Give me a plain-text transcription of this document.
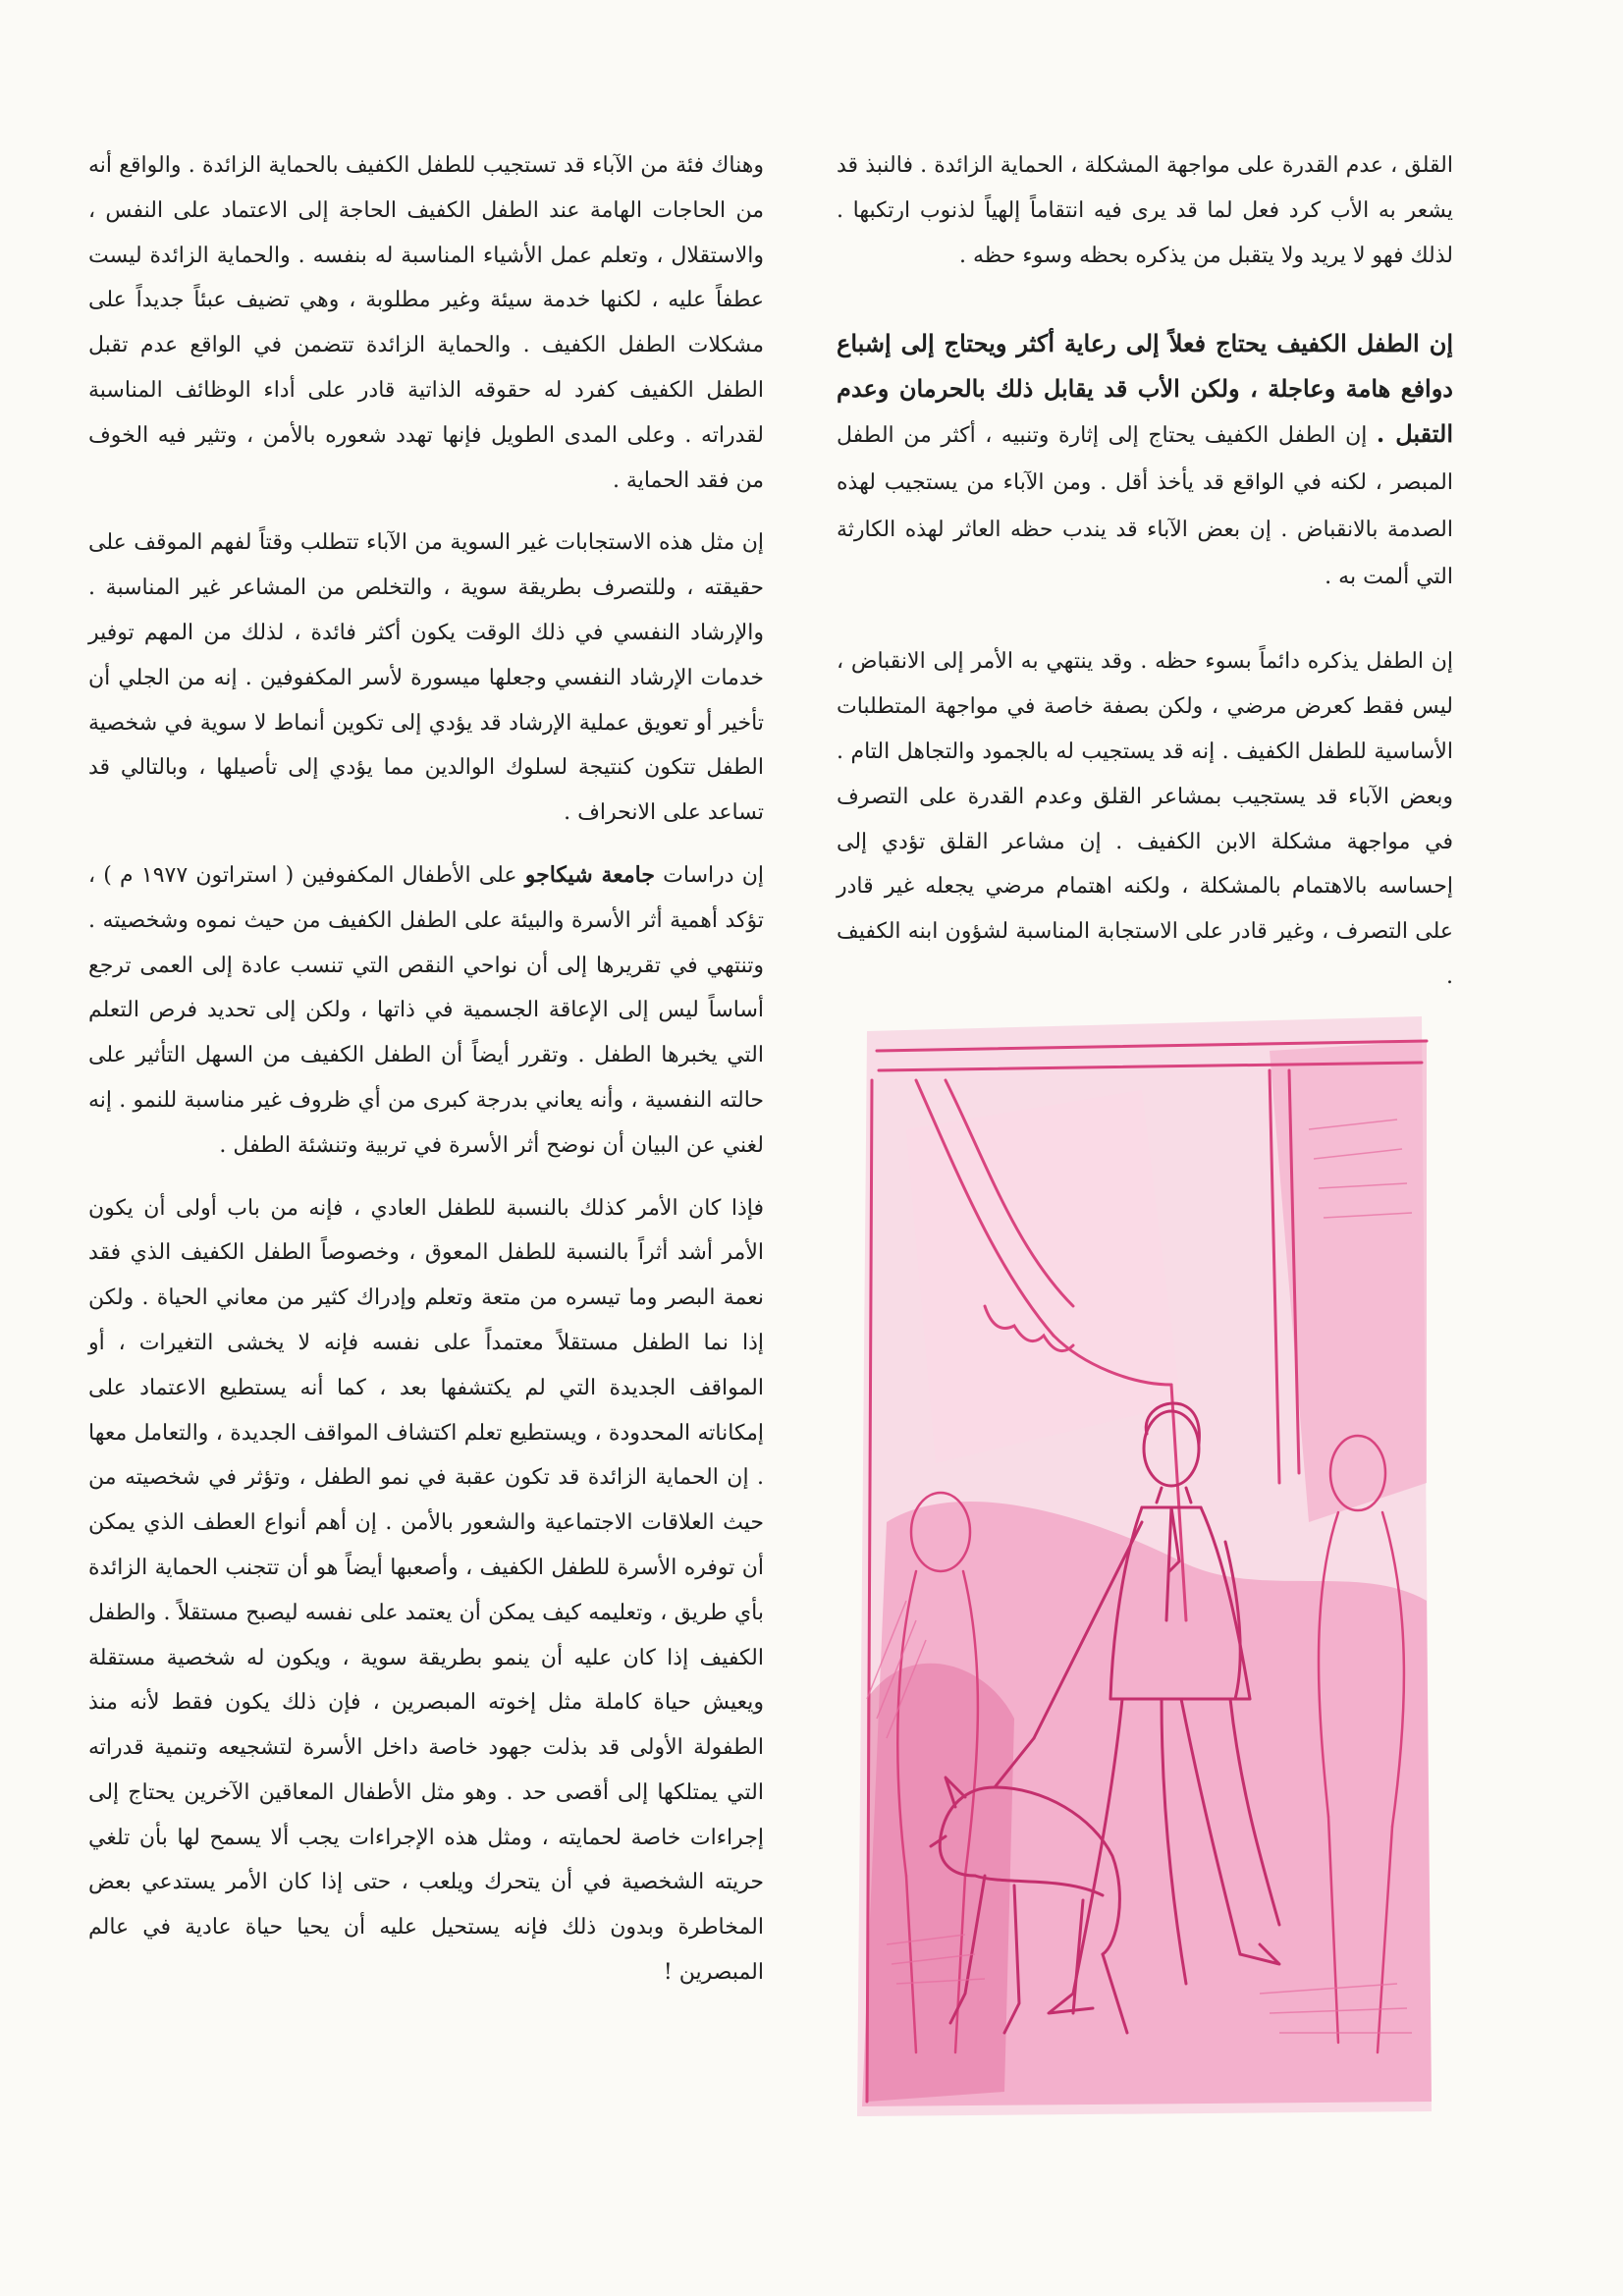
القلق ، عدم القدرة على مواجهة المشكلة ، الحماية الزائدة . فالنبذ قد يشعر به الأب كرد فعل لما قد يرى فيه انتقاماً إلهياً لذنوب ارتكبها . لذلك فهو لا يريد ولا يتقبل من يذكره بحظه وسوء حظه .

إن الطفل الكفيف يحتاج فعلاً إلى رعاية أكثر ويحتاج إلى إشباع دوافع هامة وعاجلة ، ولكن الأب قد يقابل ذلك بالحرمان وعدم التقبل . إن الطفل الكفيف يحتاج إلى إثارة وتنبيه ، أكثر من الطفل المبصر ، لكنه في الواقع قد يأخذ أقل . ومن الآباء من يستجيب لهذه الصدمة بالانقباض . إن بعض الآباء قد يندب حظه العاثر لهذه الكارثة التي ألمت به .

إن الطفل يذكره دائماً بسوء حظه . وقد ينتهي به الأمر إلى الانقباض ، ليس فقط كعرض مرضي ، ولكن بصفة خاصة في مواجهة المتطلبات الأساسية للطفل الكفيف . إنه قد يستجيب له بالجمود والتجاهل التام . وبعض الآباء قد يستجيب بمشاعر القلق وعدم القدرة على التصرف في مواجهة مشكلة الابن الكفيف . إن مشاعر القلق تؤدي إلى إحساسه بالاهتمام بالمشكلة ، ولكنه اهتمام مرضي يجعله غير قادر على التصرف ، وغير قادر على الاستجابة المناسبة لشؤون ابنه الكفيف .

وهناك فئة من الآباء قد تستجيب للطفل الكفيف بالحماية الزائدة . والواقع أنه من الحاجات الهامة عند الطفل الكفيف الحاجة إلى الاعتماد على النفس ، والاستقلال ، وتعلم عمل الأشياء المناسبة له بنفسه . والحماية الزائدة ليست عطفاً عليه ، لكنها خدمة سيئة وغير مطلوبة ، وهي تضيف عبئاً جديداً على مشكلات الطفل الكفيف . والحماية الزائدة تتضمن في الواقع عدم تقبل الطفل الكفيف كفرد له حقوقه الذاتية قادر على أداء الوظائف المناسبة لقدراته . وعلى المدى الطويل فإنها تهدد شعوره بالأمن ، وتثير فيه الخوف من فقد الحماية .

إن مثل هذه الاستجابات غير السوية من الآباء تتطلب وقتاً لفهم الموقف على حقيقته ، وللتصرف بطريقة سوية ، والتخلص من المشاعر غير المناسبة . والإرشاد النفسي في ذلك الوقت يكون أكثر فائدة ، لذلك من المهم توفير خدمات الإرشاد النفسي وجعلها ميسورة لأسر المكفوفين . إنه من الجلي أن تأخير أو تعويق عملية الإرشاد قد يؤدي إلى تكوين أنماط لا سوية في شخصية الطفل تتكون كنتيجة لسلوك الوالدين مما يؤدي إلى تأصيلها ، وبالتالي قد تساعد على الانحراف .

إن دراسات جامعة شيكاجو على الأطفال المكفوفين ( استراتون ١٩٧٧ م ) ، تؤكد أهمية أثر الأسرة والبيئة على الطفل الكفيف من حيث نموه وشخصيته . وتنتهي في تقريرها إلى أن نواحي النقص التي تنسب عادة إلى العمى ترجع أساساً ليس إلى الإعاقة الجسمية في ذاتها ، ولكن إلى تحديد فرص التعلم التي يخبرها الطفل . وتقرر أيضاً أن الطفل الكفيف من السهل التأثير على حالته النفسية ، وأنه يعاني بدرجة كبرى من أي ظروف غير مناسبة للنمو . إنه لغني عن البيان أن نوضح أثر الأسرة في تربية وتنشئة الطفل .

فإذا كان الأمر كذلك بالنسبة للطفل العادي ، فإنه من باب أولى أن يكون الأمر أشد أثراً بالنسبة للطفل المعوق ، وخصوصاً الطفل الكفيف الذي فقد نعمة البصر وما تيسره من متعة وتعلم وإدراك كثير من معاني الحياة . ولكن إذا نما الطفل مستقلاً معتمداً على نفسه فإنه لا يخشى التغيرات ، أو المواقف الجديدة التي لم يكتشفها بعد ، كما أنه يستطيع الاعتماد على إمكاناته المحدودة ، ويستطيع تعلم اكتشاف المواقف الجديدة ، والتعامل معها . إن الحماية الزائدة قد تكون عقبة في نمو الطفل ، وتؤثر في شخصيته من حيث العلاقات الاجتماعية والشعور بالأمن . إن أهم أنواع العطف الذي يمكن أن توفره الأسرة للطفل الكفيف ، وأصعبها أيضاً هو أن تتجنب الحماية الزائدة بأي طريق ، وتعليمه كيف يمكن أن يعتمد على نفسه ليصبح مستقلاً . والطفل الكفيف إذا كان عليه أن ينمو بطريقة سوية ، ويكون له شخصية مستقلة ويعيش حياة كاملة مثل إخوته المبصرين ، فإن ذلك يكون فقط لأنه منذ الطفولة الأولى قد بذلت جهود خاصة داخل الأسرة لتشجيعه وتنمية قدراته التي يمتلكها إلى أقصى حد . وهو مثل الأطفال المعاقين الآخرين يحتاج إلى إجراءات خاصة لحمايته ، ومثل هذه الإجراءات يجب ألا يسمح لها بأن تلغي حريته الشخصية في أن يتحرك ويلعب ، حتى إذا كان الأمر يستدعي بعض المخاطرة وبدون ذلك فإنه يستحيل عليه أن يحيا حياة عادية في عالم المبصرين !
